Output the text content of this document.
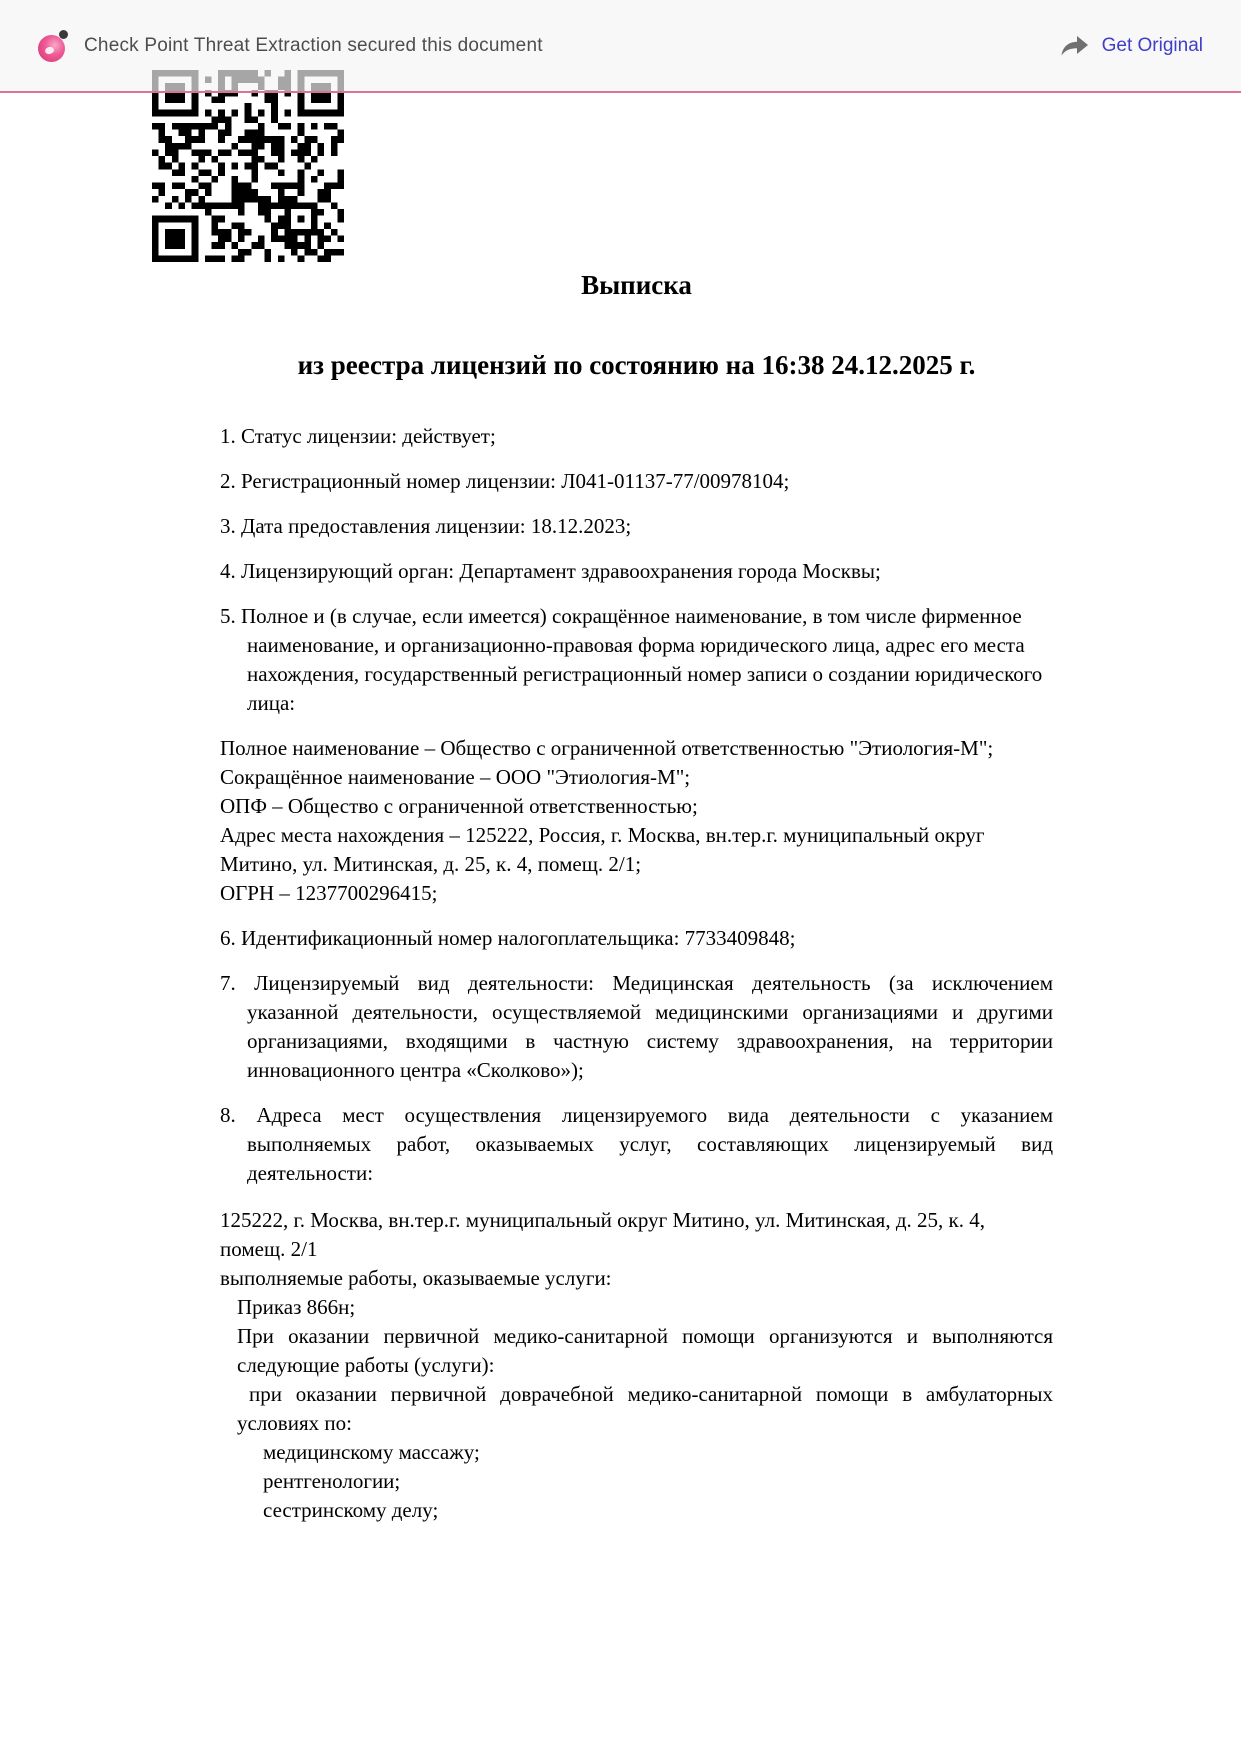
Check Point Threat Extraction secured this document	Get Original
Выписка
из реестра лицензий по состоянию на 16:38 24.12.2025 г.
1. Статус лицензии: действует;
2. Регистрационный номер лицензии: Л041-01137-77/00978104;
3. Дата предоставления лицензии: 18.12.2023;
4. Лицензирующий орган: Департамент здравоохранения города Москвы;
5. Полное и (в случае, если имеется) сокращённое наименование, в том числе фирменное наименование, и организационно-правовая форма юридического лица, адрес его места нахождения, государственный регистрационный номер записи о создании юридического лица:
Полное наименование – Общество с ограниченной ответственностью "Этиология-М";
Сокращённое наименование – ООО "Этиология-М";
ОПФ – Общество с ограниченной ответственностью;
Адрес места нахождения – 125222, Россия, г. Москва, вн.тер.г. муниципальный округ Митино, ул. Митинская, д. 25, к. 4, помещ. 2/1;
ОГРН – 1237700296415;
6. Идентификационный номер налогоплательщика: 7733409848;
7. Лицензируемый вид деятельности: Медицинская деятельность (за исключением указанной деятельности, осуществляемой медицинскими организациями и другими организациями, входящими в частную систему здравоохранения, на территории инновационного центра «Сколково»);
8. Адреса мест осуществления лицензируемого вида деятельности с указанием выполняемых работ, оказываемых услуг, составляющих лицензируемый вид деятельности:
125222, г. Москва, вн.тер.г. муниципальный округ Митино, ул. Митинская, д. 25, к. 4, помещ. 2/1
выполняемые работы, оказываемые услуги:
Приказ 866н;
При оказании первичной медико-санитарной помощи организуются и выполняются следующие работы (услуги):
при оказании первичной доврачебной медико-санитарной помощи в амбулаторных условиях по:
медицинскому массажу;
рентгенологии;
сестринскому делу;
